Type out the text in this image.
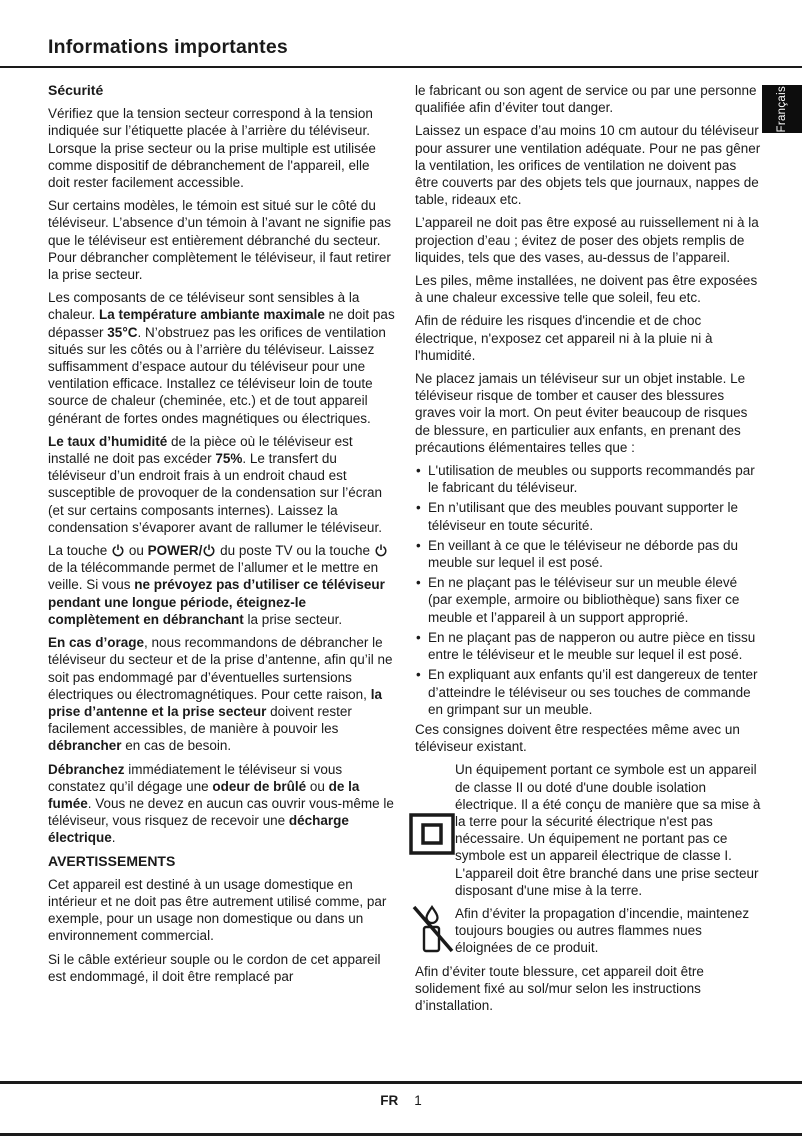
Informations importantes
Sécurité
Vérifiez que la tension secteur correspond à la tension indiquée sur l’étiquette placée à l’arrière du téléviseur. Lorsque la prise secteur ou la prise multiple est utilisée comme dispositif de débranchement de l'appareil, elle doit rester facilement accessible.
Sur certains modèles, le témoin est situé sur le côté du téléviseur. L’absence d’un témoin à l’avant ne signifie pas que le téléviseur est entièrement débranché du secteur. Pour débrancher complètement le téléviseur, il faut retirer la prise secteur.
Les composants de ce téléviseur sont sensibles à la chaleur. La température ambiante maximale ne doit pas dépasser 35°C. N’obstruez pas les orifices de ventilation situés sur les côtés ou à l’arrière du téléviseur. Laissez suffisamment d’espace autour du téléviseur pour une ventilation efficace. Installez ce téléviseur loin de toute source de chaleur (cheminée, etc.) et de tout appareil générant de fortes ondes magnétiques ou électriques.
Le taux d’humidité de la pièce où le téléviseur est installé ne doit pas excéder 75%. Le transfert du téléviseur d’un endroit frais à un endroit chaud est susceptible de provoquer de la condensation sur l’écran (et sur certains composants internes). Laissez la condensation s’évaporer avant de rallumer le téléviseur.
La touche
ou POWER/
du poste TV ou la touche
de la télécommande permet de l’allumer et le mettre en veille. Si vous ne prévoyez pas d’utiliser ce téléviseur pendant une longue période, éteignez-le complètement en débranchant la prise secteur.
En cas d’orage, nous recommandons de débrancher le téléviseur du secteur et de la prise d’antenne, afin qu’il ne soit pas endommagé par d’éventuelles surtensions électriques ou électromagnétiques. Pour cette raison, la prise d’antenne et la prise secteur doivent rester facilement accessibles, de manière à pouvoir les débrancher en cas de besoin.
Débranchez immédiatement le téléviseur si vous constatez qu’il dégage une odeur de brûlé ou de la fumée. Vous ne devez en aucun cas ouvrir vous-même le téléviseur, vous risquez de recevoir une décharge électrique.
AVERTISSEMENTS
Cet appareil est destiné à un usage domestique en intérieur et ne doit pas être autrement utilisé comme, par exemple, pour un usage non domestique ou dans un environnement commercial.
Si le câble extérieur souple ou le cordon de cet appareil est endommagé, il doit être remplacé par
le fabricant ou son agent de service ou par une personne qualifiée afin d’éviter tout danger.
Laissez un espace d’au moins 10 cm autour du téléviseur pour assurer une ventilation adéquate. Pour ne pas gêner la ventilation, les orifices de ventilation ne doivent pas être couverts par des objets tels que journaux, nappes de table, rideaux etc.
L’appareil ne doit pas être exposé au ruissellement ni à la projection d’eau ; évitez de poser des objets remplis de liquides, tels que des vases, au-dessus de l’appareil.
Les piles, même installées, ne doivent pas être exposées à une chaleur excessive telle que soleil, feu etc.
Afin de réduire les risques d'incendie et de choc électrique, n'exposez cet appareil ni à la pluie ni à l'humidité.
Ne placez jamais un téléviseur sur un objet instable. Le téléviseur risque de tomber et causer des blessures graves voir la mort. On peut éviter beaucoup de risques de blessure, en particulier aux enfants, en prenant des précautions élémentaires telles que :
• L'utilisation de meubles ou supports recommandés par le fabricant du téléviseur.
• En n’utilisant que des meubles pouvant supporter le téléviseur en toute sécurité.
• En veillant à ce que le téléviseur ne déborde pas du meuble sur lequel il est posé.
• En ne plaçant pas le téléviseur sur un meuble élevé (par exemple, armoire ou bibliothèque) sans fixer ce meuble et l’appareil à un support approprié.
• En ne plaçant pas de napperon ou autre pièce en tissu entre le téléviseur et le meuble sur lequel il est posé.
• En expliquant aux enfants qu’il est dangereux de tenter d’atteindre le téléviseur ou ses touches de commande en grimpant sur un meuble.
Ces consignes doivent être respectées même avec un téléviseur existant.
Un équipement portant ce symbole est un appareil de classe II ou doté d'une double isolation électrique. Il a été conçu de manière que sa mise à la terre pour la sécurité électrique n'est pas nécessaire. Un équipement ne portant pas ce symbole est un appareil électrique de classe I. L'appareil doit être branché dans une prise secteur disposant d'une mise à la terre.
Afin d’éviter la propagation d’incendie, maintenez toujours bougies ou autres flammes nues éloignées de ce produit.
Afin d’éviter toute blessure, cet appareil doit être solidement fixé au sol/mur selon les instructions d’installation.
Français
FR 1
